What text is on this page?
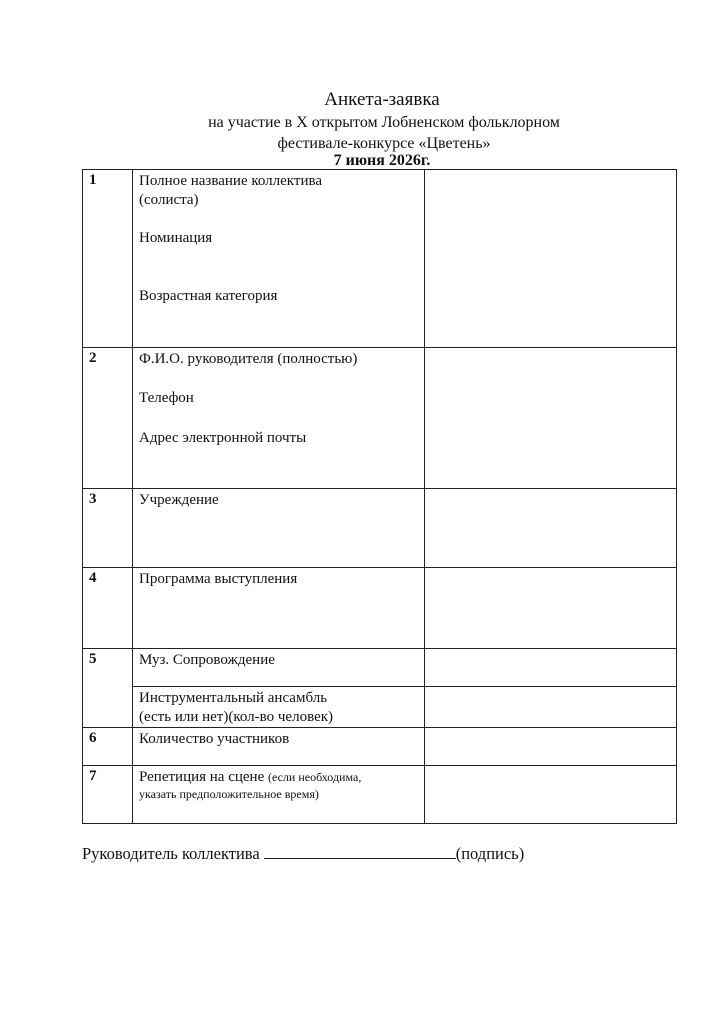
Анкета-заявка
на участие в X открытом Лобненском фольклорном
фестивале-конкурсе «Цветень»
7 июня 2026г.
1	Полное название коллектива
(солиста)
Номинация
Возрастная категория	

2	Ф.И.О. руководителя (полностью)
Телефон
Адрес электронной почты	

3	Учреждение	

4	Программа выступления	

5	Муз. Сопровождение	

	Инструментальный ансамбль
(есть или нет)(кол-во человек)	

6	Количество участников	

7	Репетиция на сцене (если необходима,
указать предположительное время)	

Руководитель коллектива	(подпись)
